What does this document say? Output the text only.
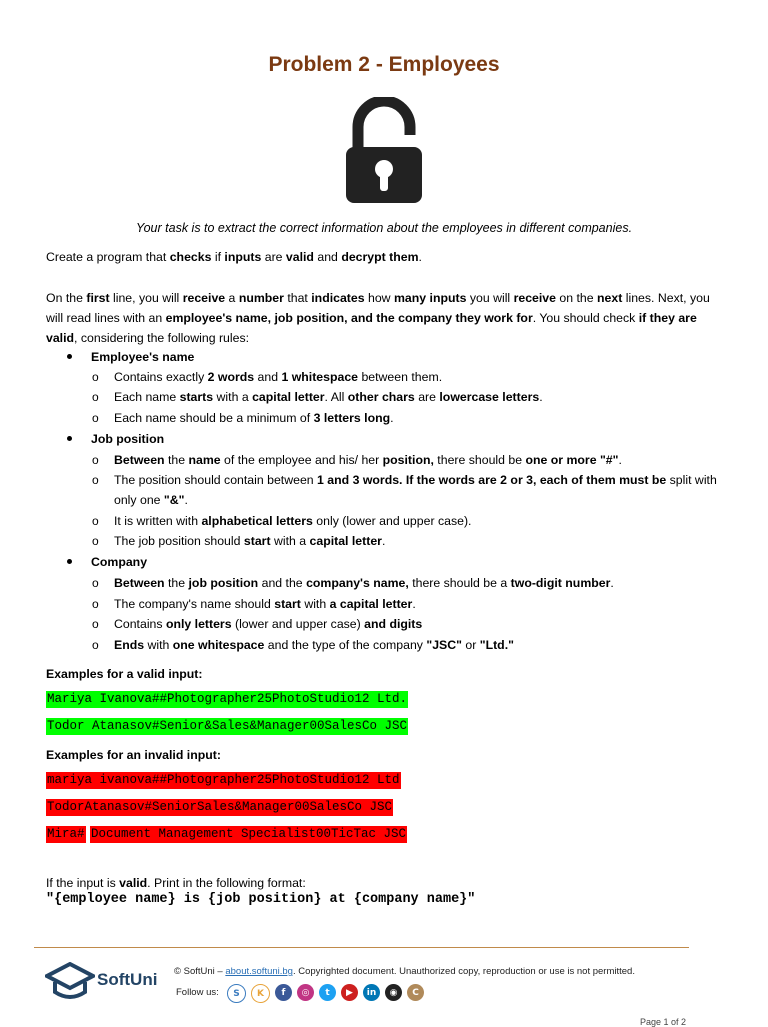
Problem 2 - Employees
Your task is to extract the correct information about the employees in different companies.
Create a program that checks if inputs are valid and decrypt them.
On the first line, you will receive a number that indicates how many inputs you will receive on the next lines. Next, you will read lines with an employee's name, job position, and the company they work for. You should check if they are valid, considering the following rules:
Employee's name
o Contains exactly 2 words and 1 whitespace between them.
o Each name starts with a capital letter. All other chars are lowercase letters.
o Each name should be a minimum of 3 letters long.
Job position
o Between the name of the employee and his/ her position, there should be one or more "#".
o The position should contain between 1 and 3 words. If the words are 2 or 3, each of them must be split with only one "&".
o It is written with alphabetical letters only (lower and upper case).
o The job position should start with a capital letter.
Company
o Between the job position and the company's name, there should be a two-digit number.
o The company's name should start with a capital letter.
o Contains only letters (lower and upper case) and digits
o Ends with one whitespace and the type of the company "JSC" or "Ltd."
Examples for a valid input:
Mariya Ivanova##Photographer25PhotoStudio12 Ltd.
Todor Atanasov#Senior&Sales&Manager00SalesCo JSC
Examples for an invalid input:
mariya ivanova##Photographer25PhotoStudio12 Ltd
TodorAtanasov#SeniorSales&Manager00SalesCo JSC
Mira# Document Management Specialist00TicTac JSC
If the input is valid. Print in the following format:
"{employee name} is {job position} at {company name}"
SoftUni © SoftUni – about.softuni.bg. Copyrighted document. Unauthorized copy, reproduction or use is not permitted.
Follow us:	S	K	f	◎	t	▶	in	◉	C
Page 1 of 2
